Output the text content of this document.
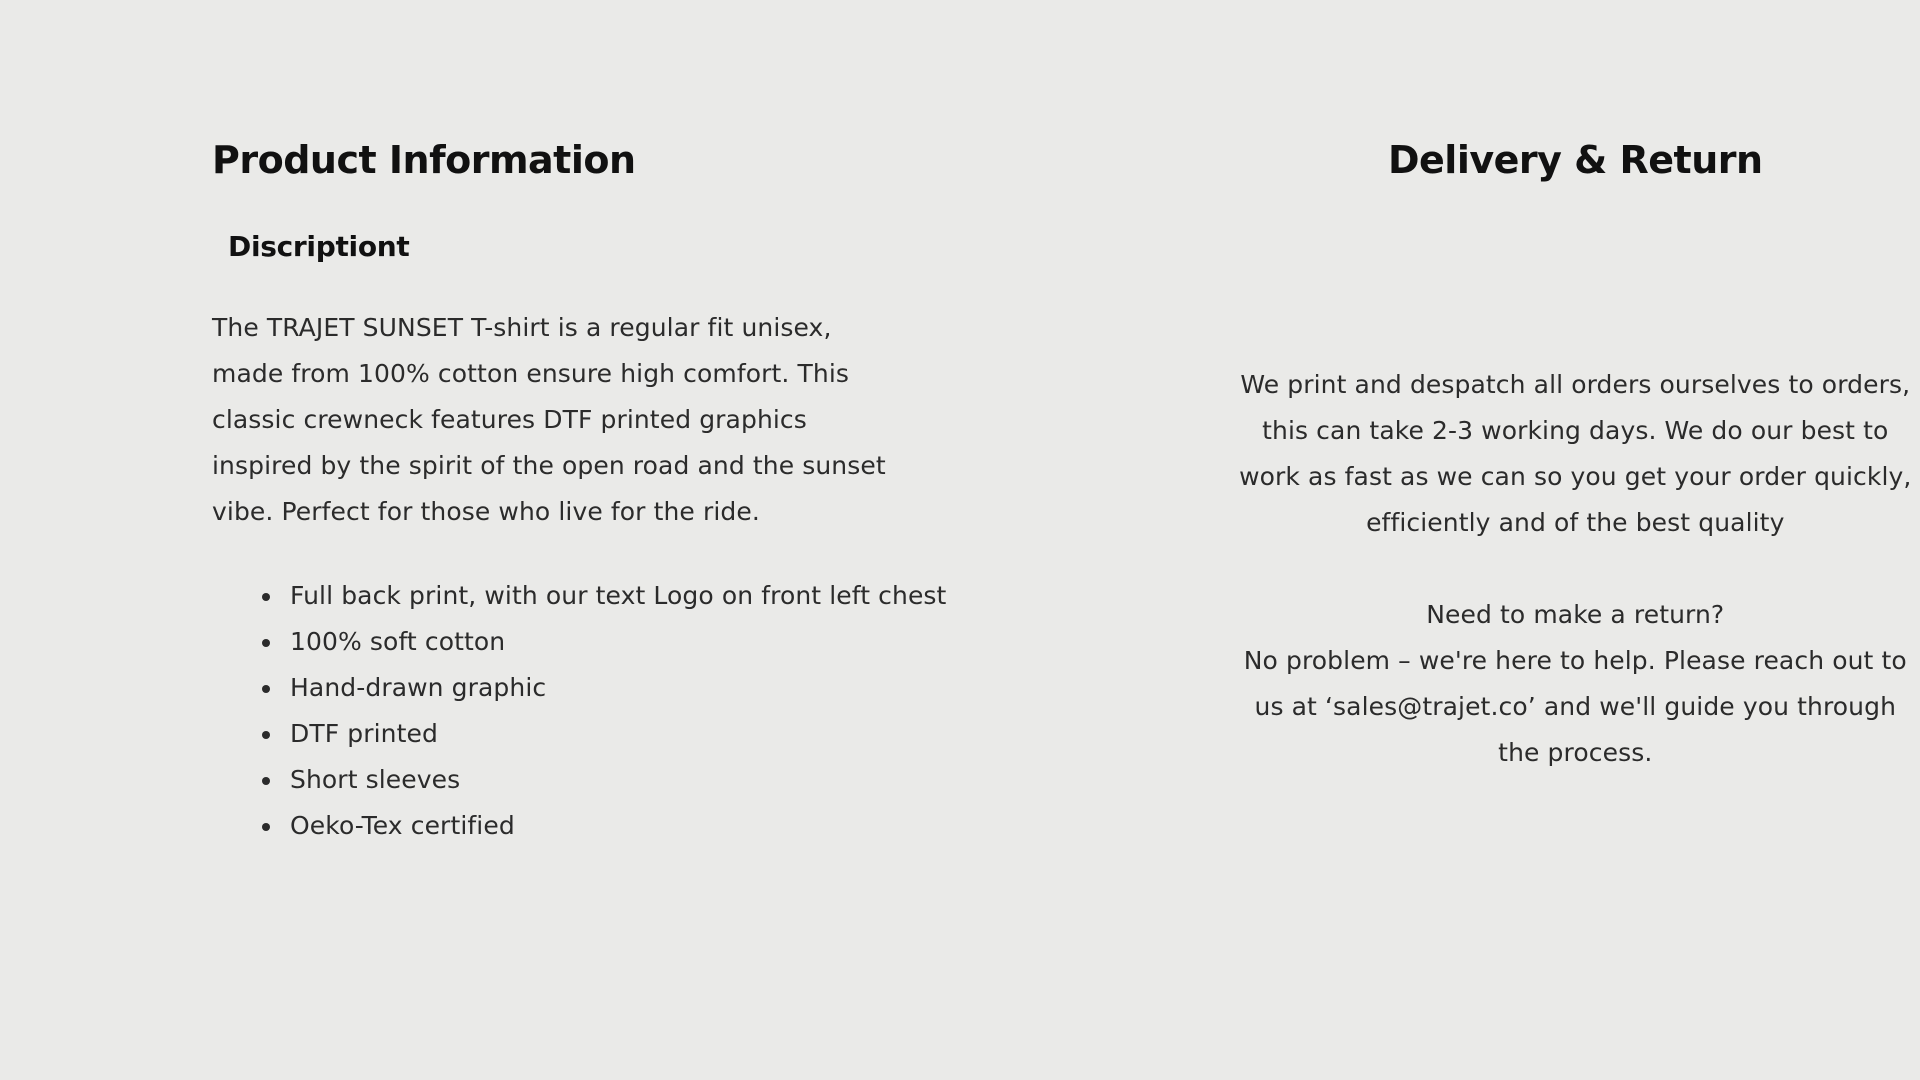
Product Information
Discriptiont

The TRAJET SUNSET T-shirt is a regular fit unisex, made from 100% cotton ensure high comfort. This classic crewneck features DTF printed graphics inspired by the spirit of the open road and the sunset vibe. Perfect for those who live for the ride.

• Full back print, with our text Logo on front left chest
• 100% soft cotton
• Hand-drawn graphic
• DTF printed
• Short sleeves
• Oeko-Tex certified
Delivery & Return

We print and despatch all orders ourselves to orders, this can take 2-3 working days. We do our best to work as fast as we can so you get your order quickly, efficiently and of the best quality

Need to make a return?

No problem – we're here to help. Please reach out to us at ‘sales@trajet.co’ and we'll guide you through the process.
